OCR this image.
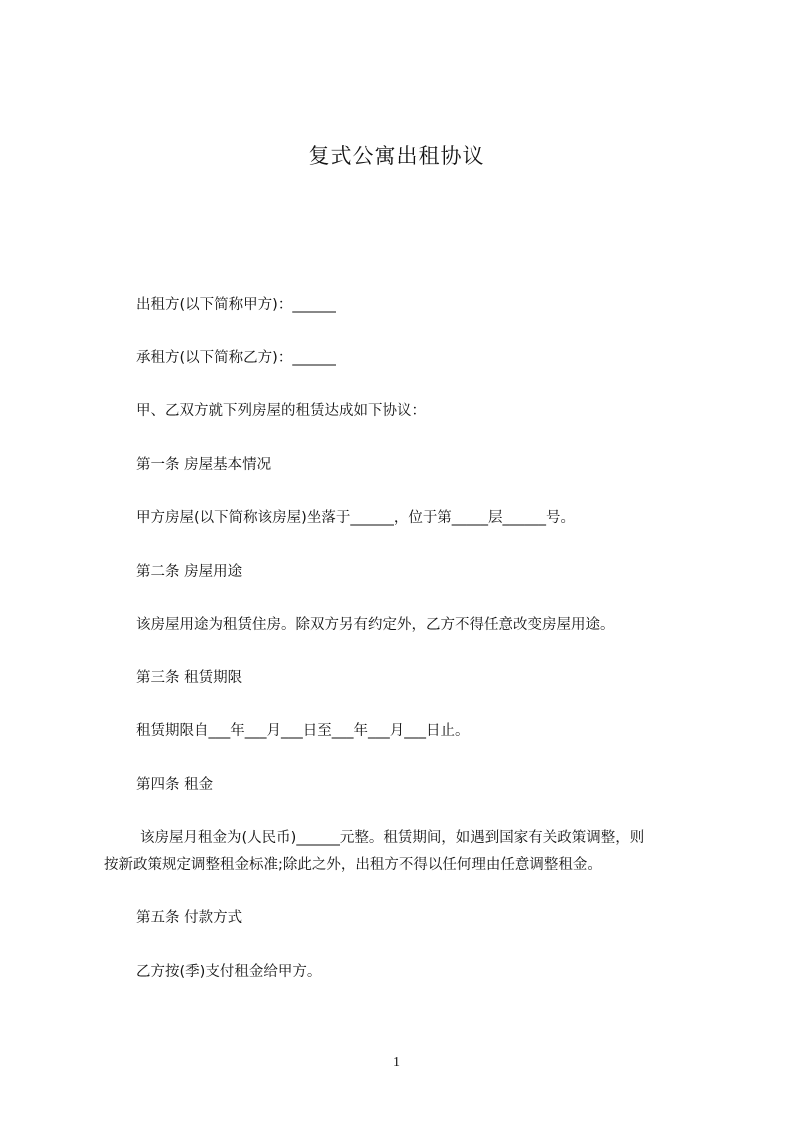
复式公寓出租协议
出租方(以下简称甲方)：______
承租方(以下简称乙方)：______
甲、乙双方就下列房屋的租赁达成如下协议：
第一条 房屋基本情况
甲方房屋(以下简称该房屋)坐落于______，位于第_____层______号。
第二条 房屋用途
该房屋用途为租赁住房。除双方另有约定外，乙方不得任意改变房屋用途。
第三条 租赁期限
租赁期限自___年___月___日至___年___月___日止。
第四条 租金
该房屋月租金为(人民币)______元整。租赁期间，如遇到国家有关政策调整，则
按新政策规定调整租金标准;除此之外，出租方不得以任何理由任意调整租金。
第五条 付款方式
乙方按(季)支付租金给甲方。
1
